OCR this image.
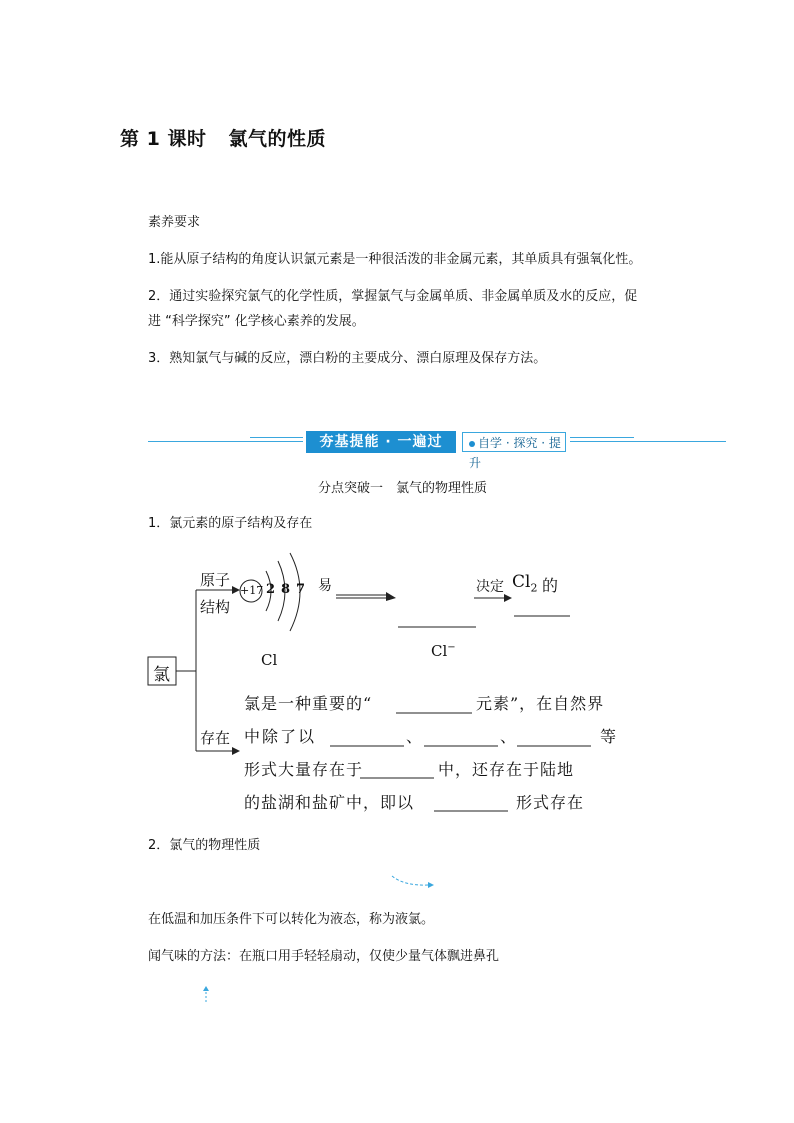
第 1 课时 氯气的性质
素养要求
1.能从原子结构的角度认识氯元素是一种很活泼的非金属元素，其单质具有强氧化性。
2．通过实验探究氯气的化学性质，掌握氯气与金属单质、非金属单质及水的反应，促
进 “科学探究” 化学核心素养的发展。
3．熟知氯气与碱的反应，漂白粉的主要成分、漂白原理及保存方法。
夯基提能 · 一遍过	自学 · 探究 · 提升
分点突破一　氯气的物理性质
1．氯元素的原子结构及存在
氯
原子
结构
+17 2 8 7 易	决定 $Cl_2$ 的
Cl	Cl−
存在
氯是一种重要的“	元素”，在自然界
中除了以	、	、	等
形式大量存在于	中，还存在于陆地
的盐湖和盐矿中，即以	形式存在
2．氯气的物理性质
在低温和加压条件下可以转化为液态，称为液氯。
闻气味的方法：在瓶口用手轻轻扇动，仅使少量气体飘进鼻孔
